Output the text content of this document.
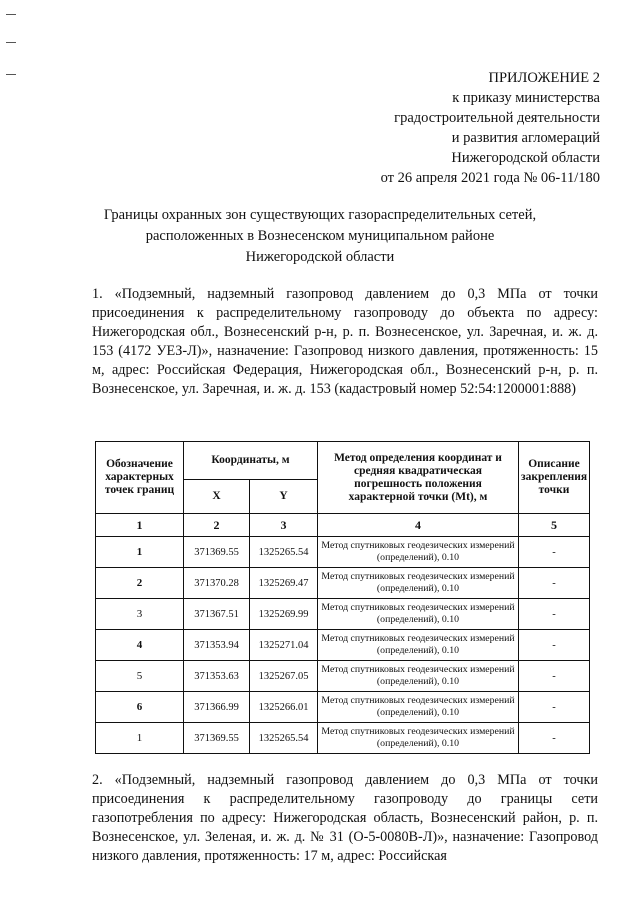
ПРИЛОЖЕНИЕ 2
к приказу министерства
градостроительной деятельности
и развития агломераций
Нижегородской области
от 26 апреля 2021 года № 06-11/180
Границы охранных зон существующих газораспределительных сетей,
расположенных в Вознесенском муниципальном районе
Нижегородской области
1. «Подземный, надземный газопровод давлением до 0,3 МПа от точки присоединения к распределительному газопроводу до объекта по адресу: Нижегородская обл., Вознесенский р-н, р. п. Вознесенское, ул. Заречная, и. ж. д. 153 (4172 УЕЗ-Л)», назначение: Газопровод низкого давления, протяженность: 15 м, адрес: Российская Федерация, Нижегородская обл., Вознесенский р-н, р. п. Вознесенское, ул. Заречная, и. ж. д. 153 (кадастровый номер 52:54:1200001:888)
Обозначение характерных точек границ	Координаты, м		Метод определения координат и средняя квадратическая погрешность положения характерной точки (Mt), м	Описание закрепления точки
	X	Y		
1	2	3	4	5
1	371369.55	1325265.54	Метод спутниковых геодезических измерений (определений), 0.10	-
2	371370.28	1325269.47	Метод спутниковых геодезических измерений (определений), 0.10	-
3	371367.51	1325269.99	Метод спутниковых геодезических измерений (определений), 0.10	-
4	371353.94	1325271.04	Метод спутниковых геодезических измерений (определений), 0.10	-
5	371353.63	1325267.05	Метод спутниковых геодезических измерений (определений), 0.10	-
6	371366.99	1325266.01	Метод спутниковых геодезических измерений (определений), 0.10	-
1	371369.55	1325265.54	Метод спутниковых геодезических измерений (определений), 0.10	-
2. «Подземный, надземный газопровод давлением до 0,3 МПа от точки присоединения к распределительному газопроводу до границы сети газопотребления по адресу: Нижегородская область, Вознесенский район, р. п. Вознесенское, ул. Зеленая, и. ж. д. № 31 (О-5-0080В-Л)», назначение: Газопровод низкого давления, протяженность: 17 м, адрес: Российская
